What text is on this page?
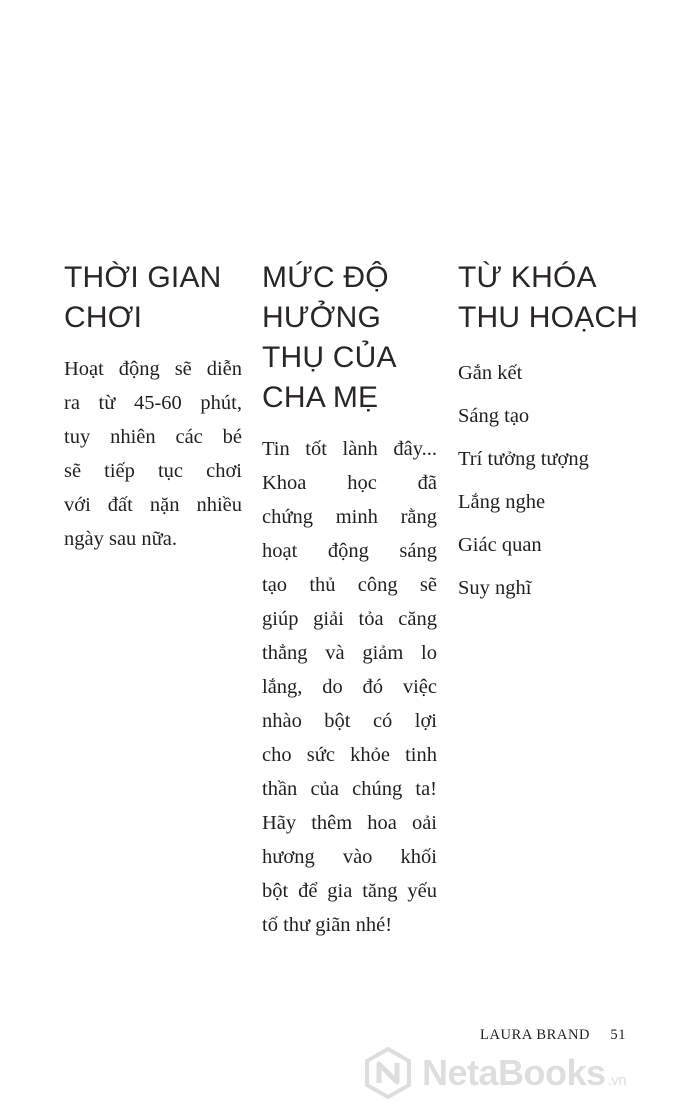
THỜI GIAN
CHƠI

Hoạt động sẽ diễn
ra từ 45-60 phút,
tuy nhiên các bé
sẽ tiếp tục chơi
với đất nặn nhiều
ngày sau nữa.

MỨC ĐỘ
HƯỞNG
THỤ CỦA
CHA MẸ

Tin tốt lành đây...
Khoa học đã
chứng minh rằng
hoạt động sáng
tạo thủ công sẽ
giúp giải tỏa căng
thẳng và giảm lo
lắng, do đó việc
nhào bột có lợi
cho sức khỏe tinh
thần của chúng ta!
Hãy thêm hoa oải
hương vào khối
bột để gia tăng yếu
tố thư giãn nhé!

TỪ KHÓA
THU HOẠCH
Gắn kết
Sáng tạo
Trí tưởng tượng
Lắng nghe
Giác quan
Suy nghĩ
LAURA BRAND 51
NetaBooks .vn
